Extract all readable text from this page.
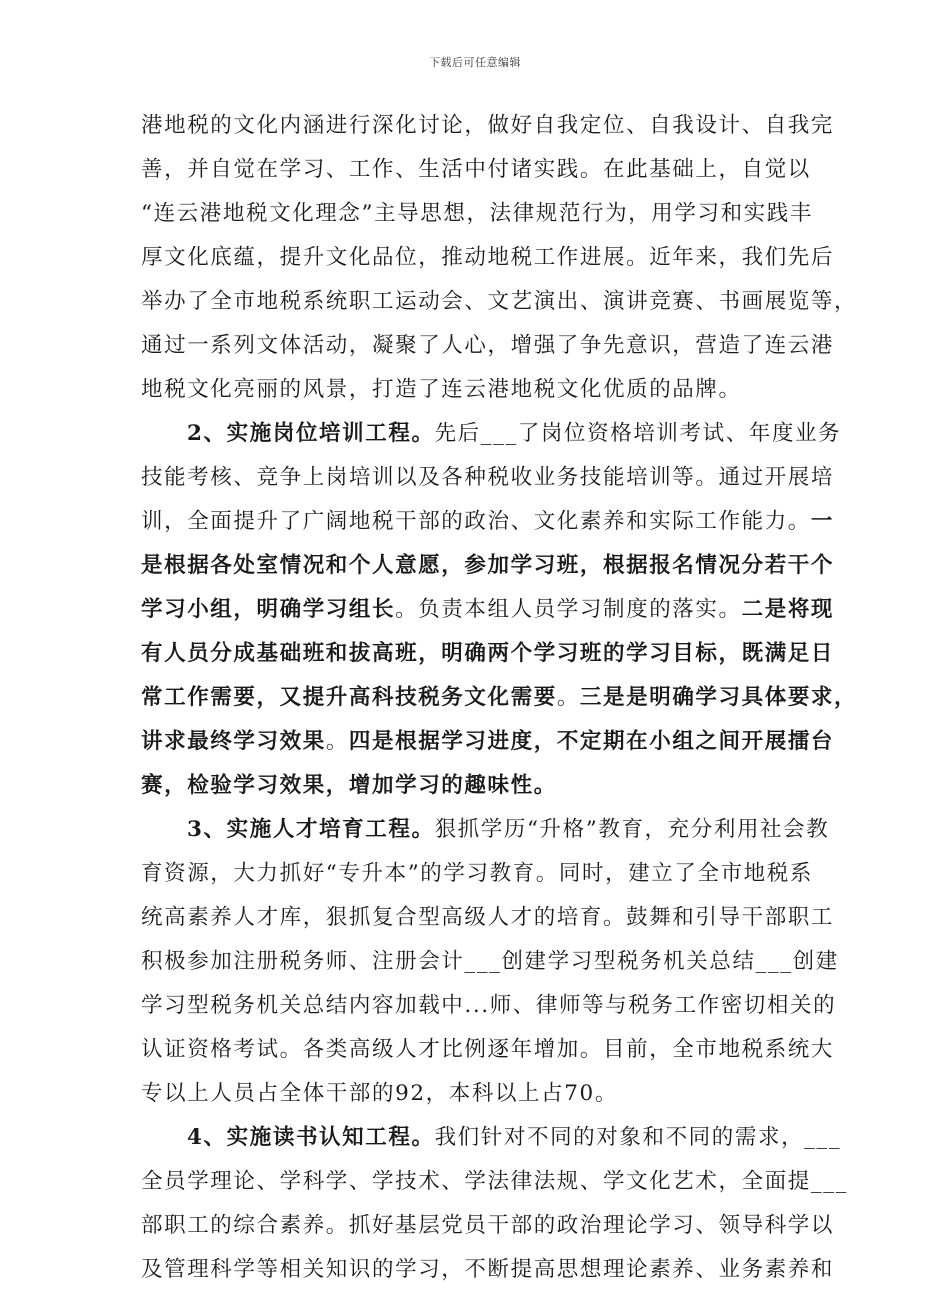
下载后可任意编辑
港地税的文化内涵进行深化讨论，做好自我定位、自我设计、自我完
善，并自觉在学习、工作、生活中付诸实践。在此基础上，自觉以
“连云港地税文化理念”主导思想，法律规范行为，用学习和实践丰
厚文化底蕴，提升文化品位，推动地税工作进展。近年来，我们先后
举办了全市地税系统职工运动会、文艺演出、演讲竞赛、书画展览等，
通过一系列文体活动，凝聚了人心，增强了争先意识，营造了连云港
地税文化亮丽的风景，打造了连云港地税文化优质的品牌。
2、实施岗位培训工程。先后___了岗位资格培训考试、年度业务
技能考核、竞争上岗培训以及各种税收业务技能培训等。通过开展培
训，全面提升了广阔地税干部的政治、文化素养和实际工作能力。一
是根据各处室情况和个人意愿，参加学习班，根据报名情况分若干个
学习小组，明确学习组长。负责本组人员学习制度的落实。二是将现
有人员分成基础班和拔高班，明确两个学习班的学习目标，既满足日
常工作需要，又提升高科技税务文化需要。三是是明确学习具体要求，
讲求最终学习效果。四是根据学习进度，不定期在小组之间开展擂台
赛，检验学习效果，增加学习的趣味性。
3、实施人才培育工程。狠抓学历“升格”教育，充分利用社会教
育资源，大力抓好“专升本”的学习教育。同时，建立了全市地税系
统高素养人才库，狠抓复合型高级人才的培育。鼓舞和引导干部职工
积极参加注册税务师、注册会计___创建学习型税务机关总结___创建
学习型税务机关总结内容加载中...师、律师等与税务工作密切相关的
认证资格考试。各类高级人才比例逐年增加。目前，全市地税系统大
专以上人员占全体干部的92，本科以上占70。
4、实施读书认知工程。我们针对不同的对象和不同的需求，___
全员学理论、学科学、学技术、学法律法规、学文化艺术，全面提___
部职工的综合素养。抓好基层党员干部的政治理论学习、领导科学以
及管理科学等相关知识的学习，不断提高思想理论素养、业务素养和
